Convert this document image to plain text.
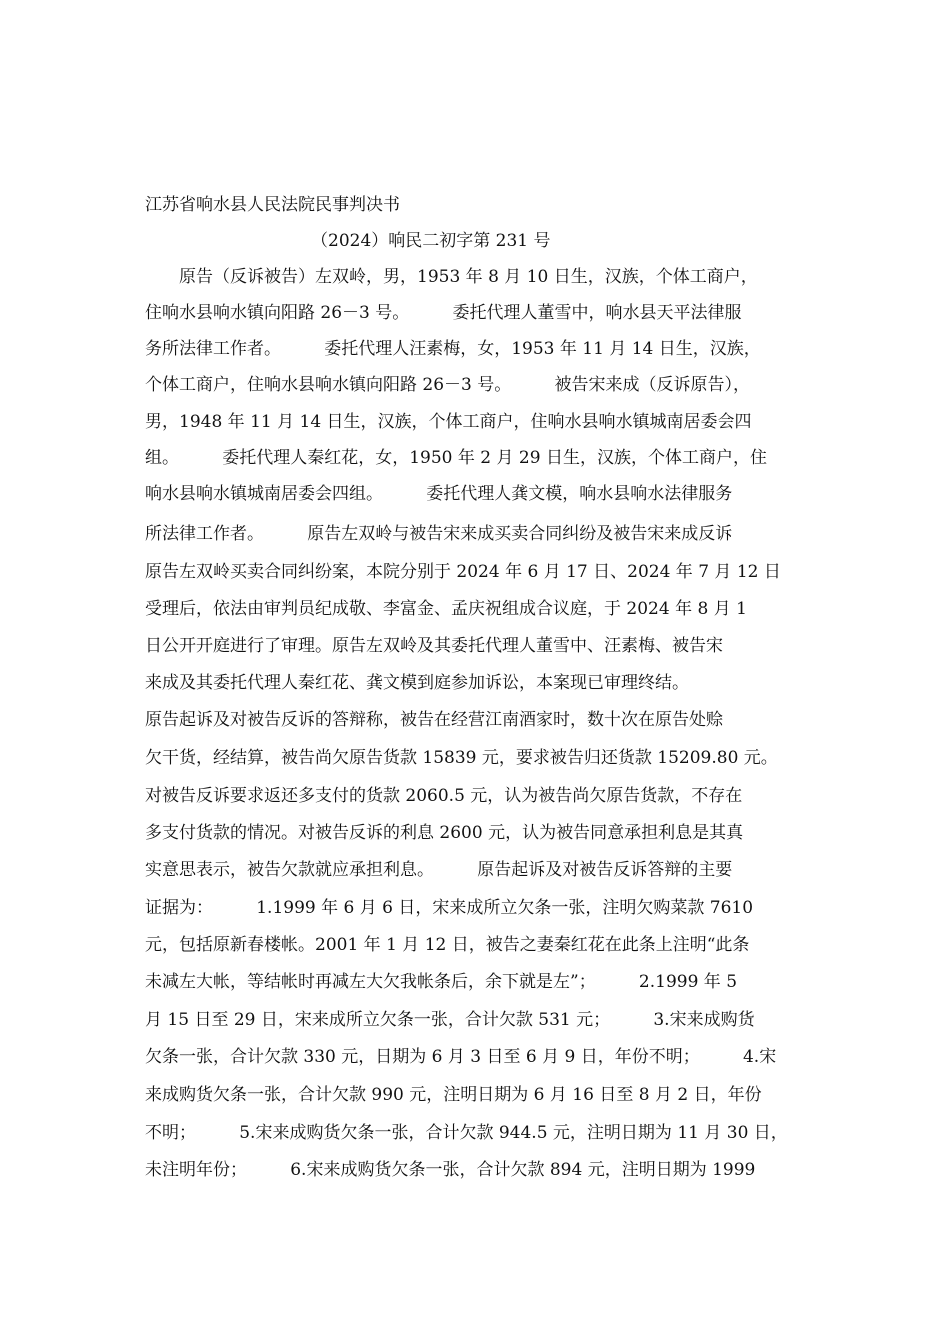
江苏省响水县人民法院民事判决书
（2024）响民二初字第 231 号
原告（反诉被告）左双岭，男，1953 年 8 月 10 日生，汉族，个体工商户，
住响水县响水镇向阳路 26－3 号。        委托代理人董雪中，响水县天平法律服
务所法律工作者。        委托代理人汪素梅，女，1953 年 11 月 14 日生，汉族，
个体工商户，住响水县响水镇向阳路 26－3 号。        被告宋来成（反诉原告），
男，1948 年 11 月 14 日生，汉族，个体工商户，住响水县响水镇城南居委会四
组。        委托代理人秦红花，女，1950 年 2 月 29 日生，汉族，个体工商户，住
响水县响水镇城南居委会四组。        委托代理人龚文模，响水县响水法律服务
所法律工作者。        原告左双岭与被告宋来成买卖合同纠纷及被告宋来成反诉
原告左双岭买卖合同纠纷案，本院分别于 2024 年 6 月 17 日、2024 年 7 月 12 日
受理后，依法由审判员纪成敬、李富金、孟庆祝组成合议庭，于 2024 年 8 月 1
日公开开庭进行了审理。原告左双岭及其委托代理人董雪中、汪素梅、被告宋
来成及其委托代理人秦红花、龚文模到庭参加诉讼，本案现已审理终结。
原告起诉及对被告反诉的答辩称，被告在经营江南酒家时，数十次在原告处赊
欠干货，经结算，被告尚欠原告货款 15839 元，要求被告归还货款 15209.80 元。
对被告反诉要求返还多支付的货款 2060.5 元，认为被告尚欠原告货款，不存在
多支付货款的情况。对被告反诉的利息 2600 元，认为被告同意承担利息是其真
实意思表示，被告欠款就应承担利息。        原告起诉及对被告反诉答辩的主要
证据为：        1.1999 年 6 月 6 日，宋来成所立欠条一张，注明欠购菜款 7610
元，包括原新春楼帐。2001 年 1 月 12 日，被告之妻秦红花在此条上注明“此条
未减左大帐，等结帐时再减左大欠我帐条后，余下就是左”；        2.1999 年 5
月 15 日至 29 日，宋来成所立欠条一张，合计欠款 531 元；        3.宋来成购货
欠条一张，合计欠款 330 元，日期为 6 月 3 日至 6 月 9 日，年份不明；        4.宋
来成购货欠条一张，合计欠款 990 元，注明日期为 6 月 16 日至 8 月 2 日，年份
不明；        5.宋来成购货欠条一张，合计欠款 944.5 元，注明日期为 11 月 30 日，
未注明年份；        6.宋来成购货欠条一张，合计欠款 894 元，注明日期为 1999
